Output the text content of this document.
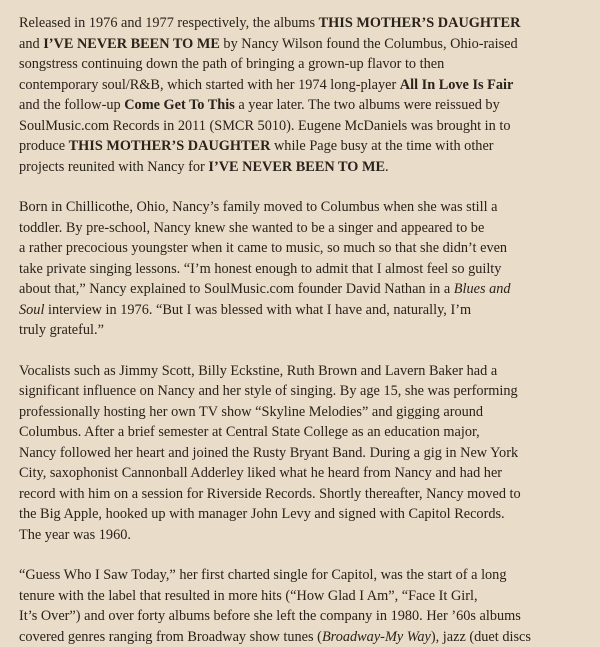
Released in 1976 and 1977 respectively, the albums THIS MOTHER’S DAUGHTER
and I’VE NEVER BEEN TO ME by Nancy Wilson found the Columbus, Ohio-raised
songstress continuing down the path of bringing a grown-up flavor to then
contemporary soul/R&B, which started with her 1974 long-player All In Love Is Fair
and the follow-up Come Get To This a year later. The two albums were reissued by
SoulMusic.com Records in 2011 (SMCR 5010). Eugene McDaniels was brought in to
produce THIS MOTHER’S DAUGHTER while Page busy at the time with other
projects reunited with Nancy for I’VE NEVER BEEN TO ME.

Born in Chillicothe, Ohio, Nancy’s family moved to Columbus when she was still a
toddler. By pre-school, Nancy knew she wanted to be a singer and appeared to be
a rather precocious youngster when it came to music, so much so that she didn’t even
take private singing lessons. “I’m honest enough to admit that I almost feel so guilty
about that,” Nancy explained to SoulMusic.com founder David Nathan in a Blues and
Soul interview in 1976. “But I was blessed with what I have and, naturally, I’m
truly grateful.”

Vocalists such as Jimmy Scott, Billy Eckstine, Ruth Brown and Lavern Baker had a
significant influence on Nancy and her style of singing. By age 15, she was performing
professionally hosting her own TV show “Skyline Melodies” and gigging around
Columbus. After a brief semester at Central State College as an education major,
Nancy followed her heart and joined the Rusty Bryant Band. During a gig in New York
City, saxophonist Cannonball Adderley liked what he heard from Nancy and had her
record with him on a session for Riverside Records. Shortly thereafter, Nancy moved to
the Big Apple, hooked up with manager John Levy and signed with Capitol Records.
The year was 1960.

“Guess Who I Saw Today,” her first charted single for Capitol, was the start of a long
tenure with the label that resulted in more hits (“How Glad I Am”, “Face It Girl,
It’s Over”) and over forty albums before she left the company in 1980. Her ’60s albums
covered genres ranging from Broadway show tunes (Broadway-My Way), jazz (duet discs
